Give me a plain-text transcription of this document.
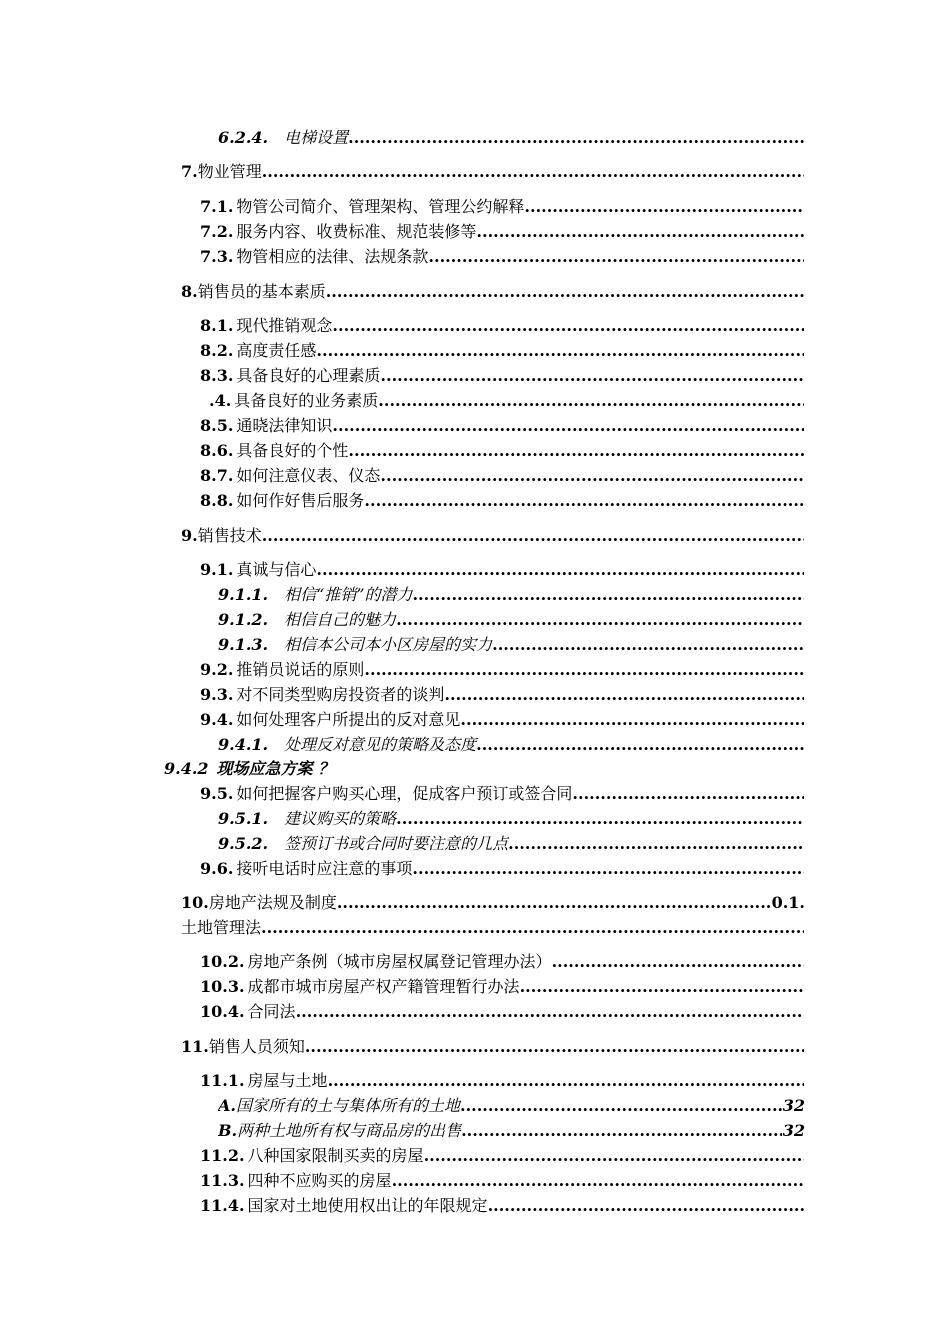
6.2.4. 电梯设置
.....
7. 物业管理
.....
7.1. 物管公司简介、管理架构、管理公约解释
.....
7.2. 服务内容、收费标准、规范装修等
.....
7.3. 物管相应的法律、法规条款
.....
8. 销售员的基本素质
.....
8.1. 现代推销观念
.....
8.2. 高度责任感
.....
8.3. 具备良好的心理素质
.....
.4. 具备良好的业务素质
.....
8.5. 通晓法律知识
.....
8.6. 具备良好的个性
.....
8.7. 如何注意仪表、仪态
.....
8.8. 如何作好售后服务
.....
9. 销售技术
.....
9.1. 真诚与信心
.....
9.1.1. 相信“推销”的潜力
.....
9.1.2. 相信自己的魅力
.....
9.1.3. 相信本公司本小区房屋的实力
.....
9.2. 推销员说话的原则
.....
9.3. 对不同类型购房投资者的谈判
.....
9.4. 如何处理客户所提出的反对意见
.....
9.4.1. 处理反对意见的策略及态度
.....
9.4.2 现场应急方案 ？
9.5. 如何把握客户购买心理，促成客户预订或签合同
.....
9.5.1. 建议购买的策略
.....
9.5.2. 签预订书或合同时要注意的几点
.....
9.6. 接听电话时应注意的事项
.....
10. 房地产法规及制度 .....	0.1.
土地管理法
.....
10.2. 房地产条例（城市房屋权属登记管理办法）
.....
10.3. 成都市城市房屋产权产籍管理暂行办法
.....
10.4. 合同法
.....
11. 销售人员须知
.....
11.1. 房屋与土地
.....
A. 国家所有的土与集体所有的土地 .....	32
B. 两种土地所有权与商品房的出售 .....	32
11.2. 八种国家限制买卖的房屋
.....
11.3. 四种不应购买的房屋
.....
11.4. 国家对土地使用权出让的年限规定
.....
